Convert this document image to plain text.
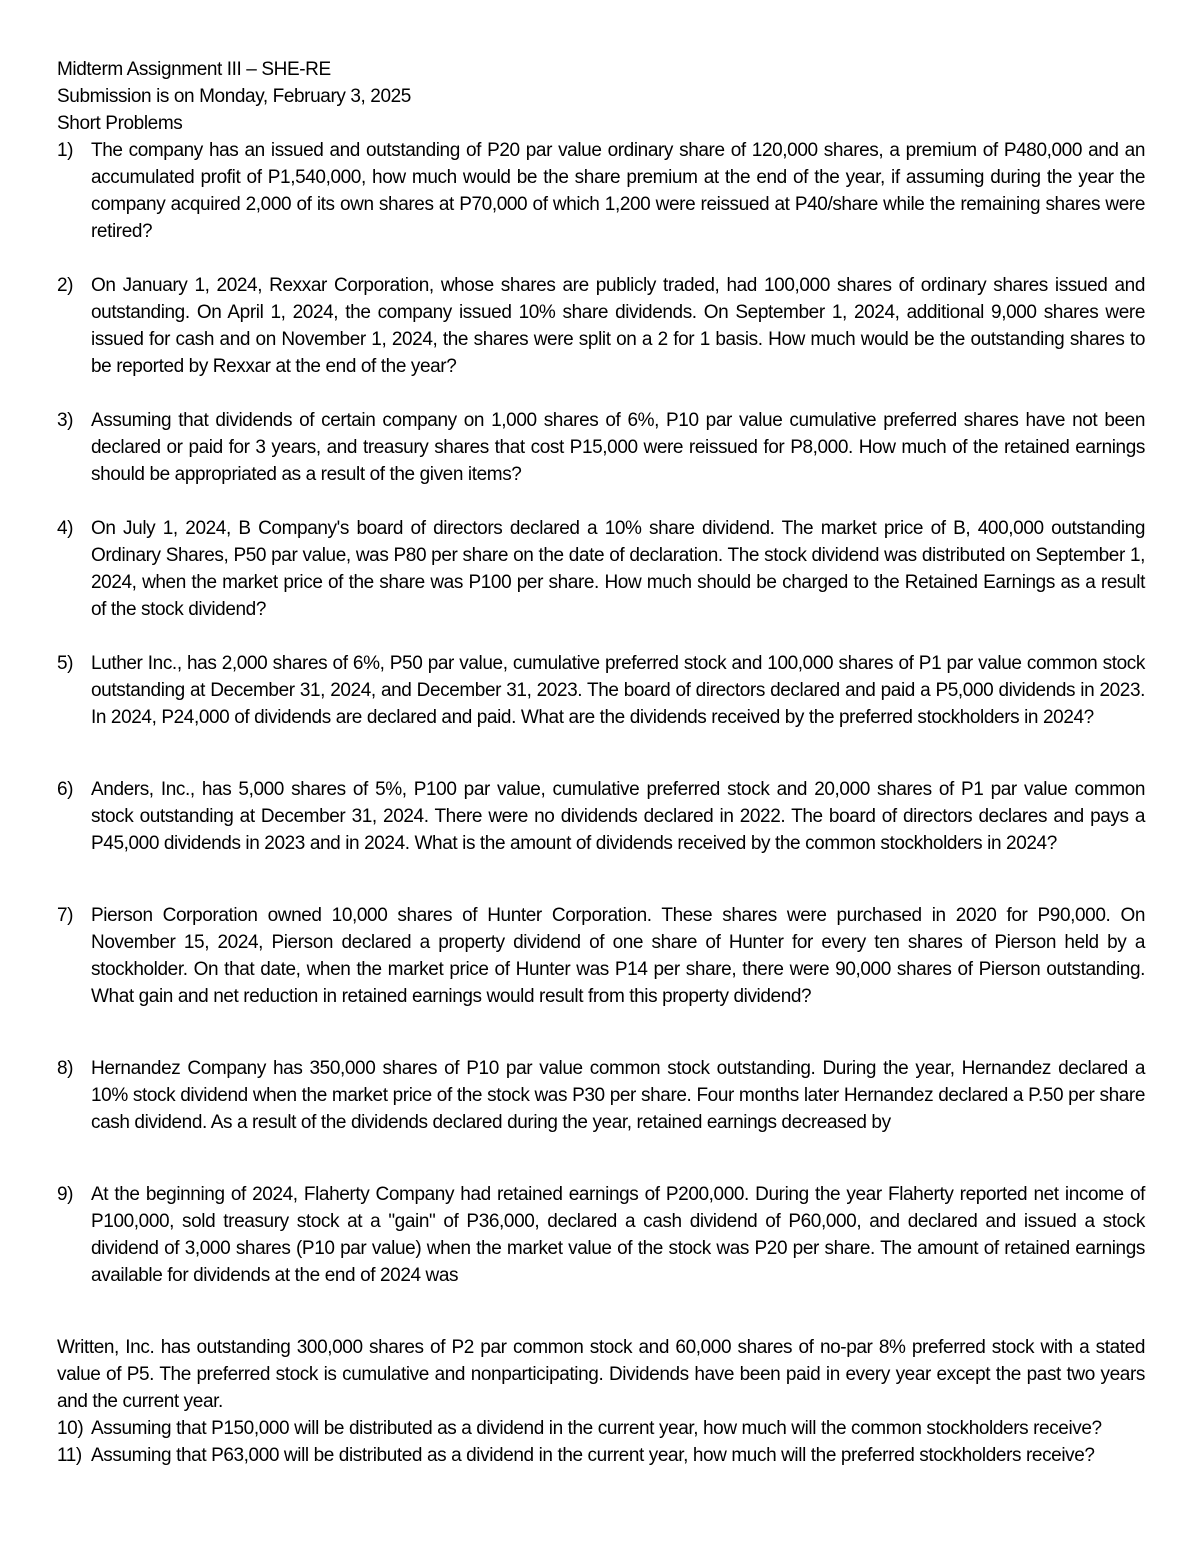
Midterm Assignment III – SHE-RE

Submission is on Monday, February 3, 2025

Short Problems

1) The company has an issued and outstanding of P20 par value ordinary share of 120,000 shares, a premium of P480,000 and an accumulated profit of P1,540,000, how much would be the share premium at the end of the year, if assuming during the year the company acquired 2,000 of its own shares at P70,000 of which 1,200 were reissued at P40/share while the remaining shares were retired?
2) On January 1, 2024, Rexxar Corporation, whose shares are publicly traded, had 100,000 shares of ordinary shares issued and outstanding. On April 1, 2024, the company issued 10% share dividends. On September 1, 2024, additional 9,000 shares were issued for cash and on November 1, 2024, the shares were split on a 2 for 1 basis. How much would be the outstanding shares to be reported by Rexxar at the end of the year?
3) Assuming that dividends of certain company on 1,000 shares of 6%, P10 par value cumulative preferred shares have not been declared or paid for 3 years, and treasury shares that cost P15,000 were reissued for P8,000. How much of the retained earnings should be appropriated as a result of the given items?
4) On July 1, 2024, B Company's board of directors declared a 10% share dividend. The market price of B, 400,000 outstanding Ordinary Shares, P50 par value, was P80 per share on the date of declaration. The stock dividend was distributed on September 1, 2024, when the market price of the share was P100 per share. How much should be charged to the Retained Earnings as a result of the stock dividend?
5) Luther Inc., has 2,000 shares of 6%, P50 par value, cumulative preferred stock and 100,000 shares of P1 par value common stock outstanding at December 31, 2024, and December 31, 2023. The board of directors declared and paid a P5,000 dividends in 2023. In 2024, P24,000 of dividends are declared and paid. What are the dividends received by the preferred stockholders in 2024?
6) Anders, Inc., has 5,000 shares of 5%, P100 par value, cumulative preferred stock and 20,000 shares of P1 par value common stock outstanding at December 31, 2024. There were no dividends declared in 2022. The board of directors declares and pays a P45,000 dividends in 2023 and in 2024. What is the amount of dividends received by the common stockholders in 2024?
7) Pierson Corporation owned 10,000 shares of Hunter Corporation. These shares were purchased in 2020 for P90,000. On November 15, 2024, Pierson declared a property dividend of one share of Hunter for every ten shares of Pierson held by a stockholder. On that date, when the market price of Hunter was P14 per share, there were 90,000 shares of Pierson outstanding. What gain and net reduction in retained earnings would result from this property dividend?
8) Hernandez Company has 350,000 shares of P10 par value common stock outstanding. During the year, Hernandez declared a 10% stock dividend when the market price of the stock was P30 per share. Four months later Hernandez declared a P.50 per share cash dividend. As a result of the dividends declared during the year, retained earnings decreased by
9) At the beginning of 2024, Flaherty Company had retained earnings of P200,000. During the year Flaherty reported net income of P100,000, sold treasury stock at a "gain" of P36,000, declared a cash dividend of P60,000, and declared and issued a stock dividend of 3,000 shares (P10 par value) when the market value of the stock was P20 per share. The amount of retained earnings available for dividends at the end of 2024 was

Written, Inc. has outstanding 300,000 shares of P2 par common stock and 60,000 shares of no-par 8% preferred stock with a stated value of P5. The preferred stock is cumulative and nonparticipating. Dividends have been paid in every year except the past two years and the current year.

10) Assuming that P150,000 will be distributed as a dividend in the current year, how much will the common stockholders receive?
11) Assuming that P63,000 will be distributed as a dividend in the current year, how much will the preferred stockholders receive?
